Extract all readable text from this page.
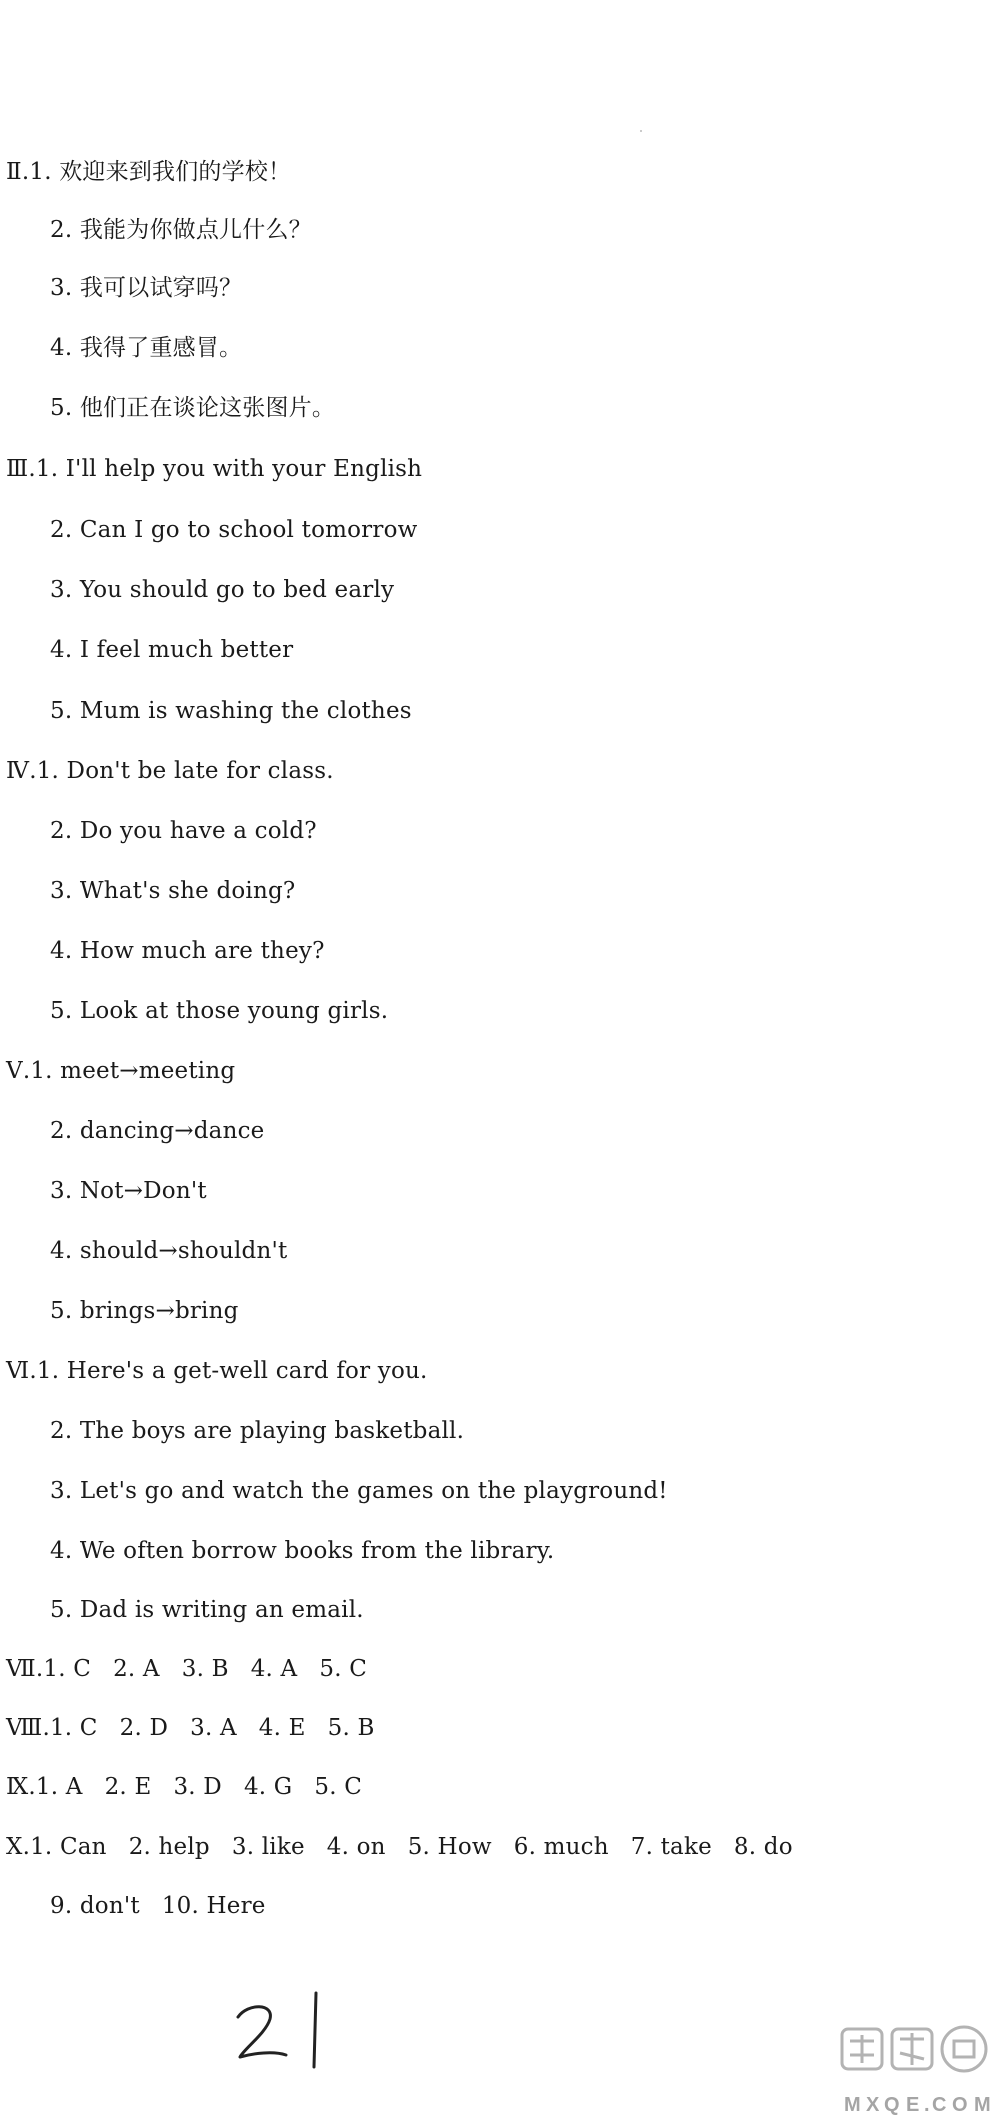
Ⅱ.1. 欢迎来到我们的学校！
2. 我能为你做点儿什么？
3. 我可以试穿吗？
4. 我得了重感冒。
5. 他们正在谈论这张图片。
Ⅲ.1. I'll help you with your English
2. Can I go to school tomorrow
3. You should go to bed early
4. I feel much better
5. Mum is washing the clothes
Ⅳ.1. Don't be late for class.
2. Do you have a cold?
3. What's she doing?
4. How much are they?
5. Look at those young girls.
Ⅴ.1. meet→meeting
2. dancing→dance
3. Not→Don't
4. should→shouldn't
5. brings→bring
Ⅵ.1. Here's a get-well card for you.
2. The boys are playing basketball.
3. Let's go and watch the games on the playground!
4. We often borrow books from the library.
5. Dad is writing an email.
Ⅶ.1. C 2. A 3. B 4. A 5. C
Ⅷ.1. C 2. D 3. A 4. E 5. B
Ⅸ.1. A 2. E 3. D 4. G 5. C
Ⅹ.1. Can 2. help 3. like 4. on 5. How 6. much 7. take 8. do
9. don't 10. Here
M X Q E . C O M
